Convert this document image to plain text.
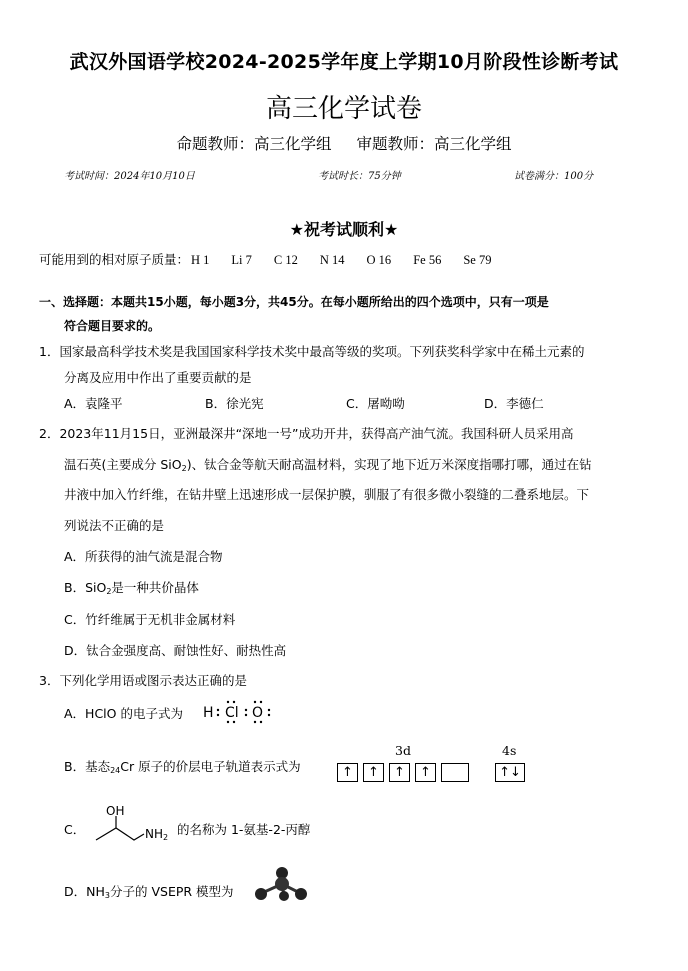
武汉外国语学校2024-2025学年度上学期10月阶段性诊断考试
高三化学试卷
命题教师：高三化学组 审题教师：高三化学组
考试时间：2024年10月10日	考试时长：75分钟	试卷满分：100分
★祝考试顺利★
可能用到的相对原子质量： H 1 Li 7 C 12 N 14 O 16 Fe 56 Se 79
一、选择题：本题共15小题，每小题3分，共45分。在每小题所给出的四个选项中，只有一项是
符合题目要求的。
1．国家最高科学技术奖是我国国家科学技术奖中最高等级的奖项。下列获奖科学家中在稀土元素的
分离及应用中作出了重要贡献的是
A．袁隆平	B．徐光宪	C．屠呦呦	D．李德仁
2．2023年11月15日，亚洲最深井“深地一号”成功开井，获得高产油气流。我国科研人员采用高
温石英(主要成分 SiO$_2$)、钛合金等航天耐高温材料，实现了地下近万米深度指哪打哪，通过在钻
井液中加入竹纤维，在钻井壁上迅速形成一层保护膜，驯服了有很多微小裂缝的二叠系地层。下
列说法不正确的是
A．所获得的油气流是混合物
B．SiO$_2$是一种共价晶体
C．竹纤维属于无机非金属材料
D．钛合金强度高、耐蚀性好、耐热性高
3．下列化学用语或图示表达正确的是
A．HClO 的电子式为 H Cl O
B．基态$_{24}$Cr 原子的价层电子轨道表示式为
3d	4s
↑	↑	↑	↑	↑↓
C．
OH
$NH_2$
的名称为 1-氨基-2-丙醇
D．$NH_3$分子的 VSEPR 模型为
